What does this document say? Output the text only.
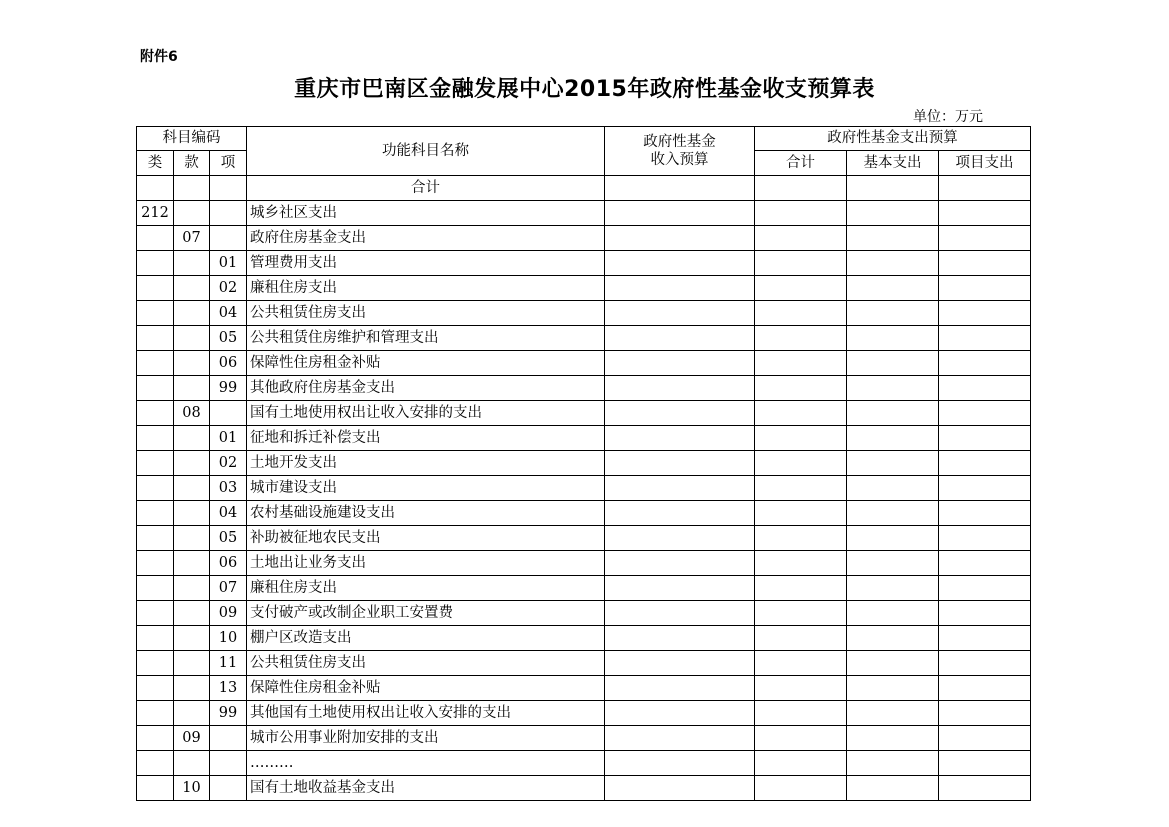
附件6
重庆市巴南区金融发展中心2015年政府性基金收支预算表
单位：万元
科目编码			功能科目名称	政府性基金
收入预算	政府性基金支出预算		
类	款	项			合计	基本支出	项目支出
			合计				
212			城乡社区支出				
	07		政府住房基金支出				
		01	管理费用支出				
		02	廉租住房支出				
		04	公共租赁住房支出				
		05	公共租赁住房维护和管理支出				
		06	保障性住房租金补贴				
		99	其他政府住房基金支出				
	08		国有土地使用权出让收入安排的支出				
		01	征地和拆迁补偿支出				
		02	土地开发支出				
		03	城市建设支出				
		04	农村基础设施建设支出				
		05	补助被征地农民支出				
		06	土地出让业务支出				
		07	廉租住房支出				
		09	支付破产或改制企业职工安置费				
		10	棚户区改造支出				
		11	公共租赁住房支出				
		13	保障性住房租金补贴				
		99	其他国有土地使用权出让收入安排的支出				
	09		城市公用事业附加安排的支出				
			………				
	10		国有土地收益基金支出				
